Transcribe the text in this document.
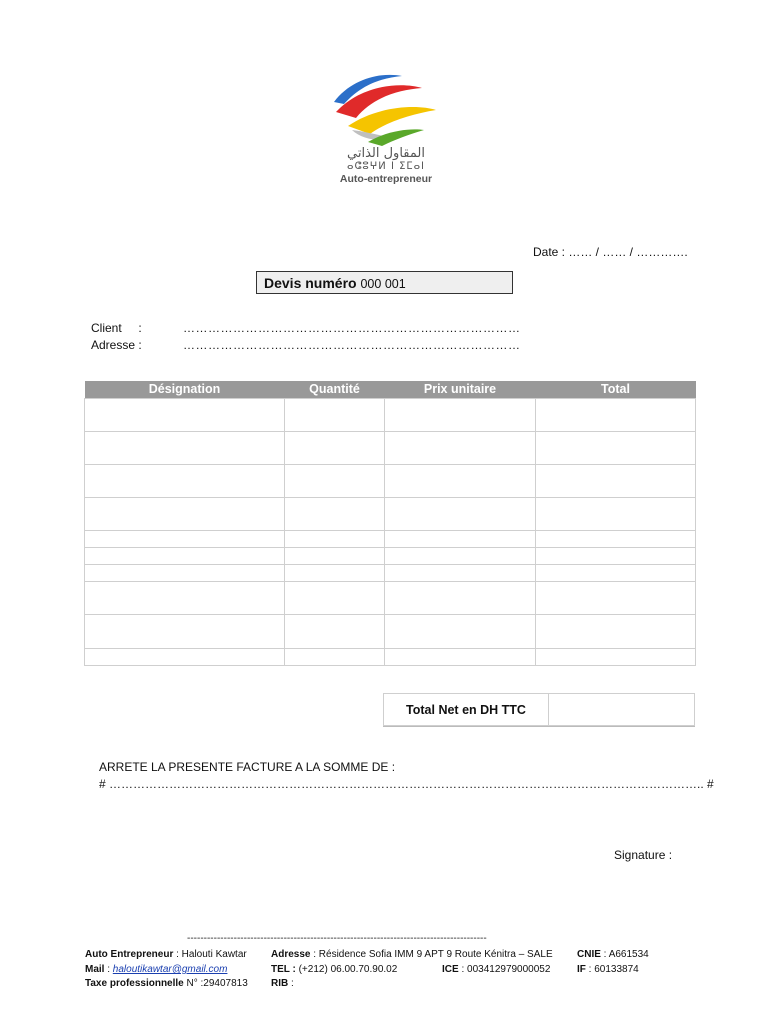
المقاول الذاتي
ⴰⵛⵓⵖⵍ ⵏ ⵉⵎⴰⵏ
Auto-entrepreneur
Date : …… / …… / ………….
Devis numéro 000 001
Client     :	………………………………………………………………………
Adresse :	………………………………………………………………………
Désignation	Quantité	Prix unitaire	Total

Total Net en DH TTC
ARRETE LA PRESENTE FACTURE A LA SOMME DE :
# ………………………………………………………………………………………………………………………………….. #
Signature :
------------------------------------------------------------------------------------------
Auto Entrepreneur : Halouti Kawtar Adresse : Résidence Sofia IMM 9 APT 9 Route Kénitra – SALE CNIE : A661534
Mail : haloutikawtar@gmail.com	TEL : (+212) 06.00.70.90.02	ICE : 003412979000052	IF : 60133874
Taxe professionnelle N° :29407813 RIB :
